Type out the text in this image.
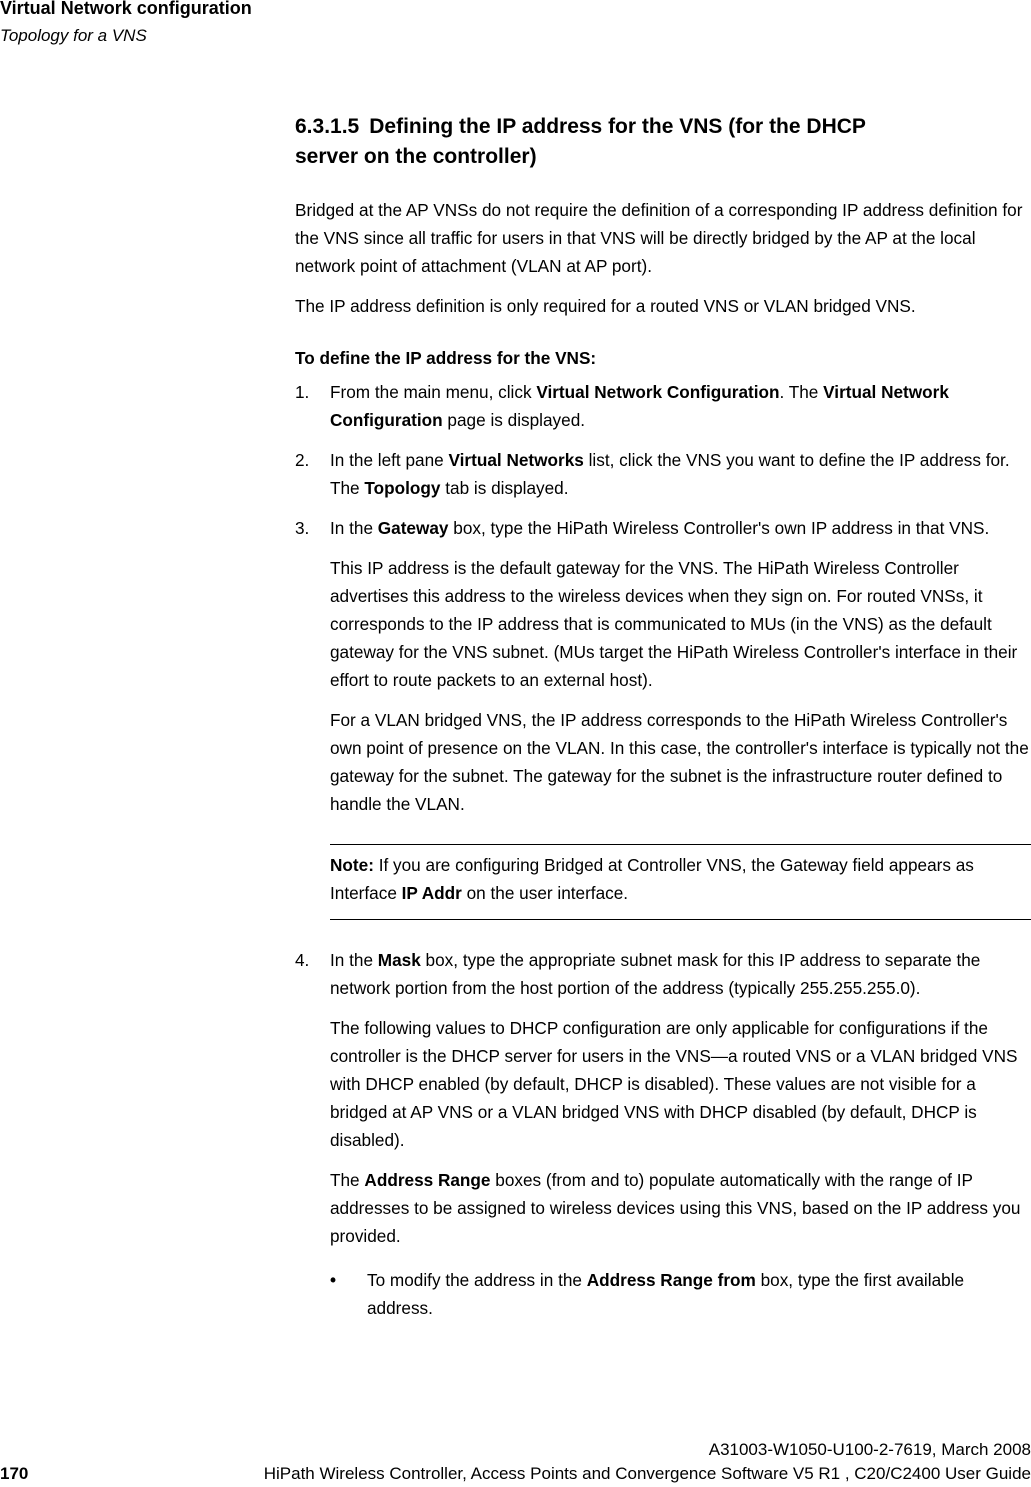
Virtual Network configuration
Topology for a VNS
6.3.1.5 Defining the IP address for the VNS (for the DHCP
server on the controller)

Bridged at the AP VNSs do not require the definition of a corresponding IP address definition for the VNS since all traffic for users in that VNS will be directly bridged by the AP at the local network point of attachment (VLAN at AP port).

The IP address definition is only required for a routed VNS or VLAN bridged VNS.

To define the IP address for the VNS:

1. From the main menu, click Virtual Network Configuration. The Virtual Network Configuration page is displayed.
2. In the left pane Virtual Networks list, click the VNS you want to define the IP address for. The Topology tab is displayed.
3. In the Gateway box, type the HiPath Wireless Controller's own IP address in that VNS.

This IP address is the default gateway for the VNS. The HiPath Wireless Controller advertises this address to the wireless devices when they sign on. For routed VNSs, it corresponds to the IP address that is communicated to MUs (in the VNS) as the default gateway for the VNS subnet. (MUs target the HiPath Wireless Controller's interface in their effort to route packets to an external host).

For a VLAN bridged VNS, the IP address corresponds to the HiPath Wireless Controller's own point of presence on the VLAN. In this case, the controller's interface is typically not the gateway for the subnet. The gateway for the subnet is the infrastructure router defined to handle the VLAN.

Note: If you are configuring Bridged at Controller VNS, the Gateway field appears as Interface IP Addr on the user interface.
4. In the Mask box, type the appropriate subnet mask for this IP address to separate the network portion from the host portion of the address (typically 255.255.255.0).

The following values to DHCP configuration are only applicable for configurations if the controller is the DHCP server for users in the VNS—a routed VNS or a VLAN bridged VNS with DHCP enabled (by default, DHCP is disabled). These values are not visible for a bridged at AP VNS or a VLAN bridged VNS with DHCP disabled (by default, DHCP is disabled).

The Address Range boxes (from and to) populate automatically with the range of IP addresses to be assigned to wireless devices using this VNS, based on the IP address you provided.

• To modify the address in the Address Range from box, type the first available address.
A31003-W1050-U100-2-7619, March 2008
170	HiPath Wireless Controller, Access Points and Convergence Software V5 R1 , C20/C2400 User Guide
